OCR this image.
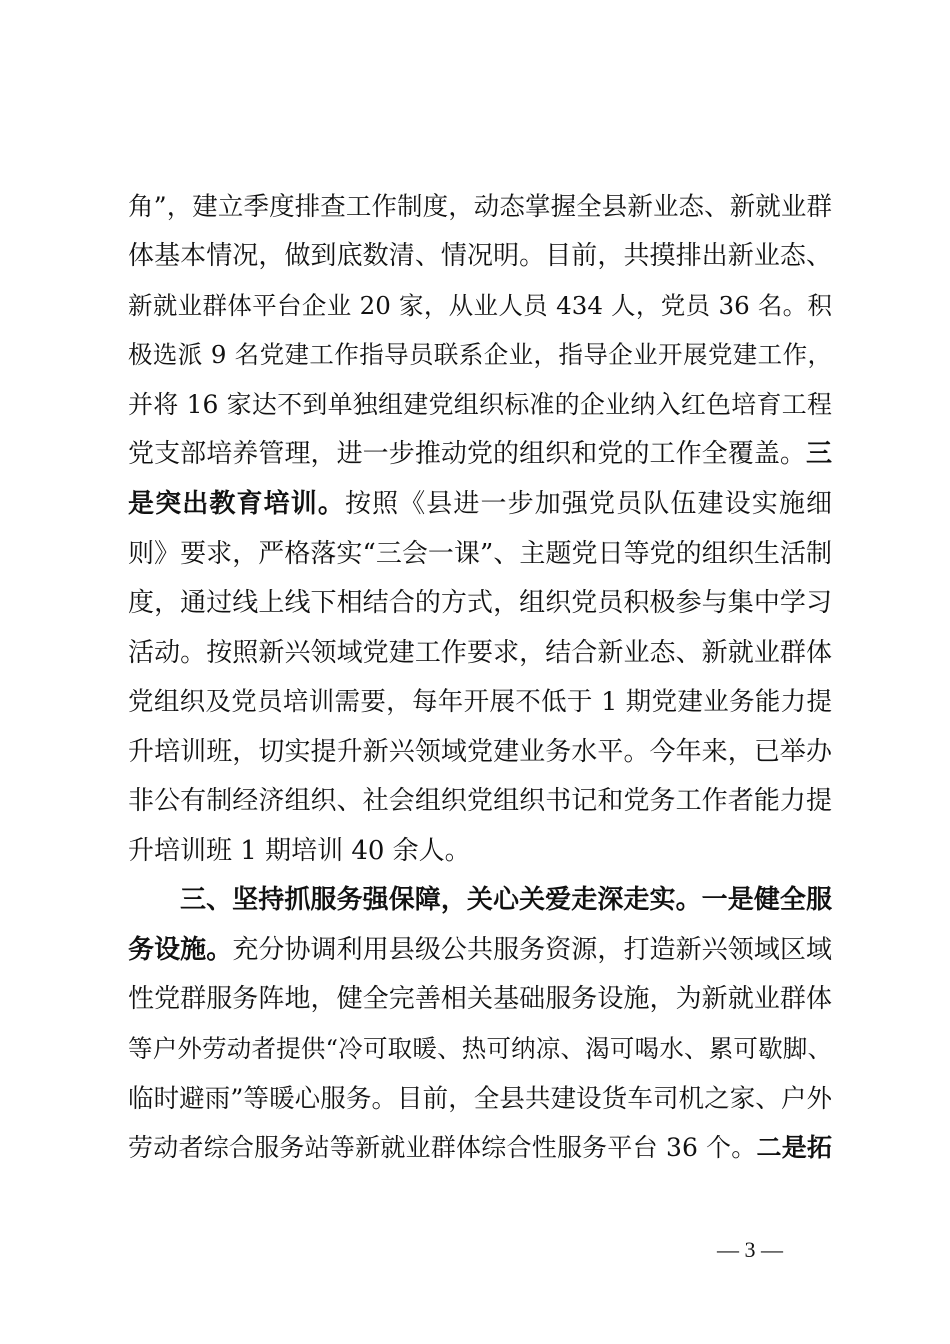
角”，建立季度排查工作制度，动态掌握全县新业态、新就业群
体基本情况，做到底数清、情况明。目前，共摸排出新业态、
新就业群体平台企业 20 家，从业人员 434 人，党员 36 名。积
极选派 9 名党建工作指导员联系企业，指导企业开展党建工作，
并将 16 家达不到单独组建党组织标准的企业纳入红色培育工程
党支部培养管理，进一步推动党的组织和党的工作全覆盖。三
是突出教育培训。按照《县进一步加强党员队伍建设实施细
则》要求，严格落实“三会一课”、主题党日等党的组织生活制
度，通过线上线下相结合的方式，组织党员积极参与集中学习
活动。按照新兴领域党建工作要求，结合新业态、新就业群体
党组织及党员培训需要，每年开展不低于 1 期党建业务能力提
升培训班，切实提升新兴领域党建业务水平。今年来，已举办
非公有制经济组织、社会组织党组织书记和党务工作者能力提
升培训班 1 期培训 40 余人。
三、坚持抓服务强保障，关心关爱走深走实。一是健全服
务设施。充分协调利用县级公共服务资源，打造新兴领域区域
性党群服务阵地，健全完善相关基础服务设施，为新就业群体
等户外劳动者提供“冷可取暖、热可纳凉、渴可喝水、累可歇脚、
临时避雨”等暖心服务。目前，全县共建设货车司机之家、户外
劳动者综合服务站等新就业群体综合性服务平台 36 个。二是拓
— 3 —
